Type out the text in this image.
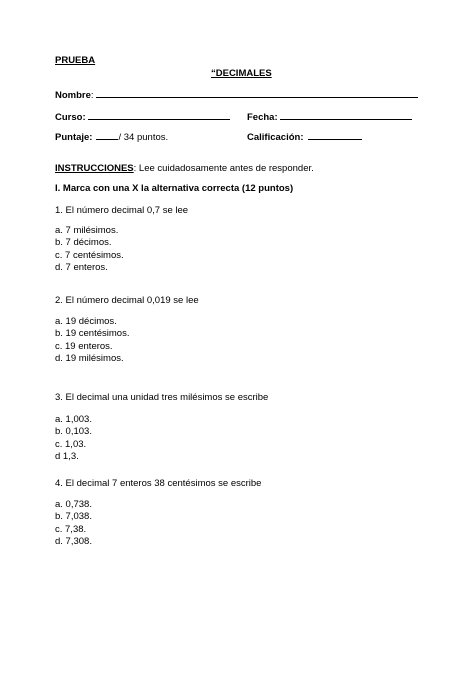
PRUEBA
“DECIMALES
Nombre:
Curso:	Fecha:
Puntaje:	/ 34 puntos.	Calificación:
INSTRUCCIONES: Lee cuidadosamente antes de responder.
I. Marca con una X la alternativa correcta (12 puntos)
1. El número decimal 0,7 se lee
a. 7 milésimos.
b. 7 décimos.
c. 7 centésimos.
d. 7 enteros.
2. El número decimal 0,019 se lee
a. 19 décimos.
b. 19 centésimos.
c. 19 enteros.
d. 19 milésimos.
3. El decimal una unidad tres milésimos se escribe
a. 1,003.
b. 0,103.
c. 1,03.
d 1,3.
4. El decimal 7 enteros 38 centésimos se escribe
a. 0,738.
b. 7,038.
c. 7,38.
d. 7,308.
